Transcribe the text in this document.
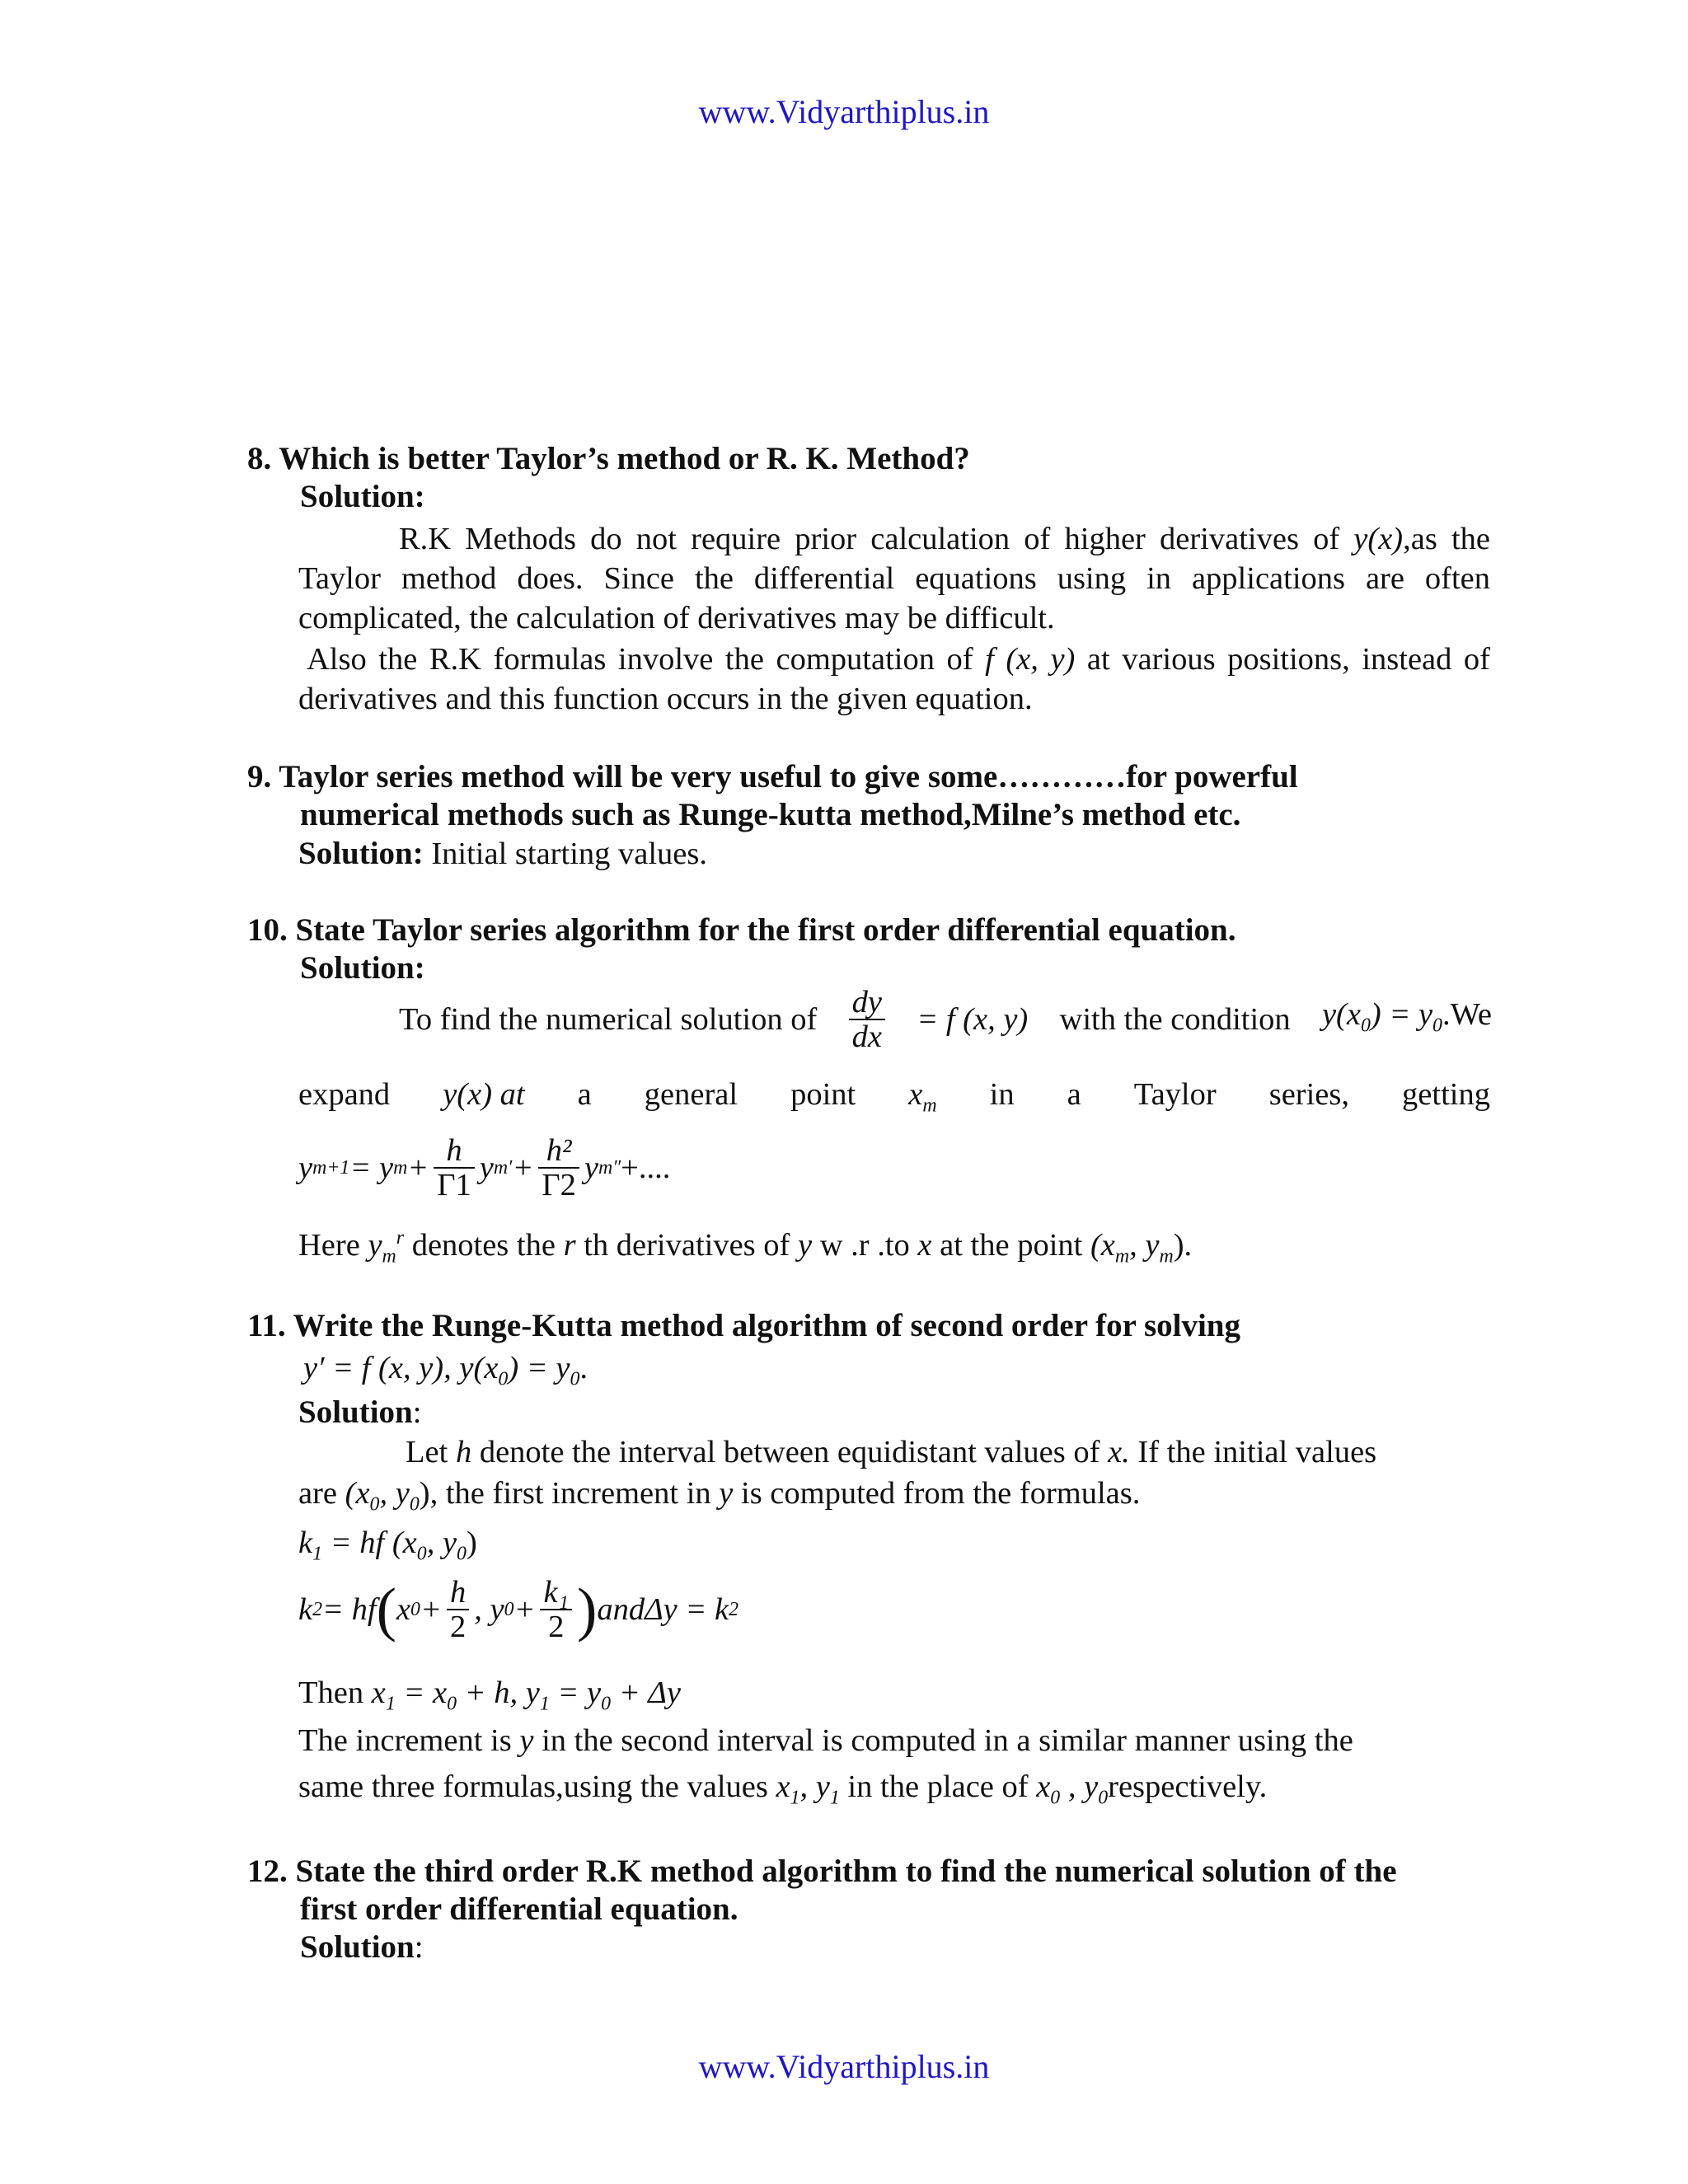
www.Vidyarthiplus.in
8. Which is better Taylor’s method or R. K. Method?
Solution:
R.K Methods do not require prior calculation of higher derivatives of y(x),as the Taylor method does. Since the differential equations using in applications are often complicated, the calculation of derivatives may be difficult.
Also the R.K formulas involve the computation of f (x, y) at various positions, instead of derivatives and this function occurs in the given equation.
9. Taylor series method will be very useful to give some…………for powerful
numerical methods such as Runge-kutta method,Milne’s method etc.
Solution: Initial starting values.
10. State Taylor series algorithm for the first order differential equation.
Solution:
To find the numerical solution of $\frac{dy}{dx} = f$ (x, y) with the condition $y(x_0) = y_0.We$
expand y(x) at a general point $x_m$ in a Taylor series, getting
y m+1 = y $m + \frac{h}{\Gamma 1}$ y m ′ + $\frac{\text{h²}}{\Gamma 2}$ y m ″ +....
Here $y_m^r$ denotes the r th derivatives of y w .r .to x at the point ($x_m$, $y_m$).
11. Write the Runge-Kutta method algorithm of second order for solving
y′ = f (x, y), $y(x_0) = y_0$.
Solution:
Let h denote the interval between equidistant values of x. If the initial values
are ($x_0$, $y_0$), the first increment in y is computed from the formulas.
$k_1$ = hf ($x_0$, $y_0$)
k 2 = hf ( x $0 + \frac{h}{2}$ , y $0 + \frac{\text{k₁}}{2}$ ) andΔy = k 2
Then $x_1 = x_0 + h$, $y_1 = y_0 + \Delta y$
The increment is y in the second interval is computed in a similar manner using the
same three formulas,using the values $x_1$, $y_1$ in the place of $x_0$ , $y_0respectively$.
12. State the third order R.K method algorithm to find the numerical solution of the
first order differential equation.
Solution:
www.Vidyarthiplus.in
